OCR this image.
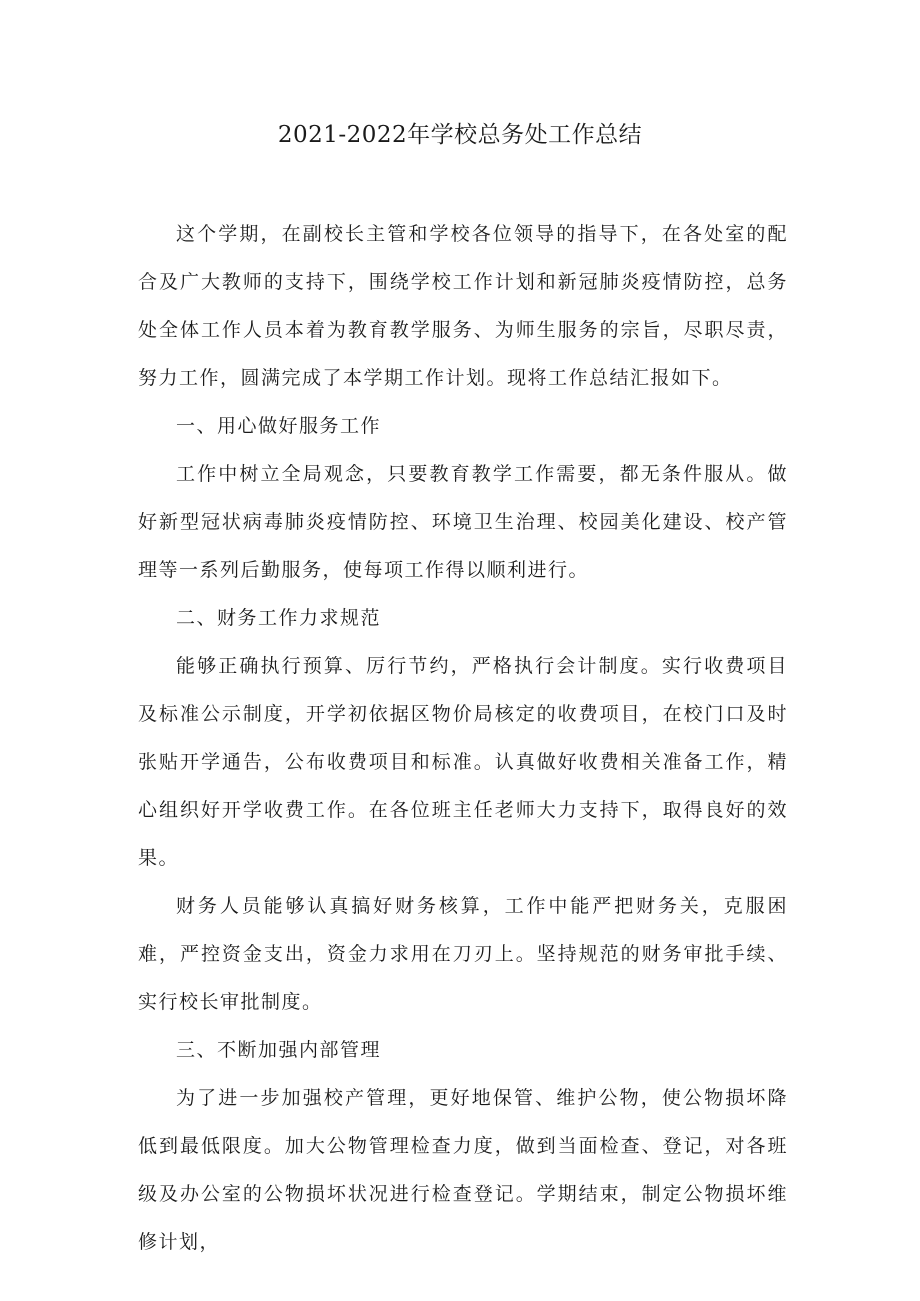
2021-2022年学校总务处工作总结

这个学期，在副校长主管和学校各位领导的指导下，在各处室的配合及广大教师的支持下，围绕学校工作计划和新冠肺炎疫情防控，总务处全体工作人员本着为教育教学服务、为师生服务的宗旨，尽职尽责，努力工作，圆满完成了本学期工作计划。现将工作总结汇报如下。

一、用心做好服务工作

工作中树立全局观念，只要教育教学工作需要，都无条件服从。做好新型冠状病毒肺炎疫情防控、环境卫生治理、校园美化建设、校产管理等一系列后勤服务，使每项工作得以顺利进行。

二、财务工作力求规范

能够正确执行预算、厉行节约，严格执行会计制度。实行收费项目及标准公示制度，开学初依据区物价局核定的收费项目，在校门口及时张贴开学通告，公布收费项目和标准。认真做好收费相关准备工作，精心组织好开学收费工作。在各位班主任老师大力支持下，取得良好的效果。

财务人员能够认真搞好财务核算，工作中能严把财务关，克服困难，严控资金支出，资金力求用在刀刃上。坚持规范的财务审批手续、实行校长审批制度。

三、不断加强内部管理

为了进一步加强校产管理，更好地保管、维护公物，使公物损坏降低到最低限度。加大公物管理检查力度，做到当面检查、登记，对各班级及办公室的公物损坏状况进行检查登记。学期结束，制定公物损坏维修计划，
